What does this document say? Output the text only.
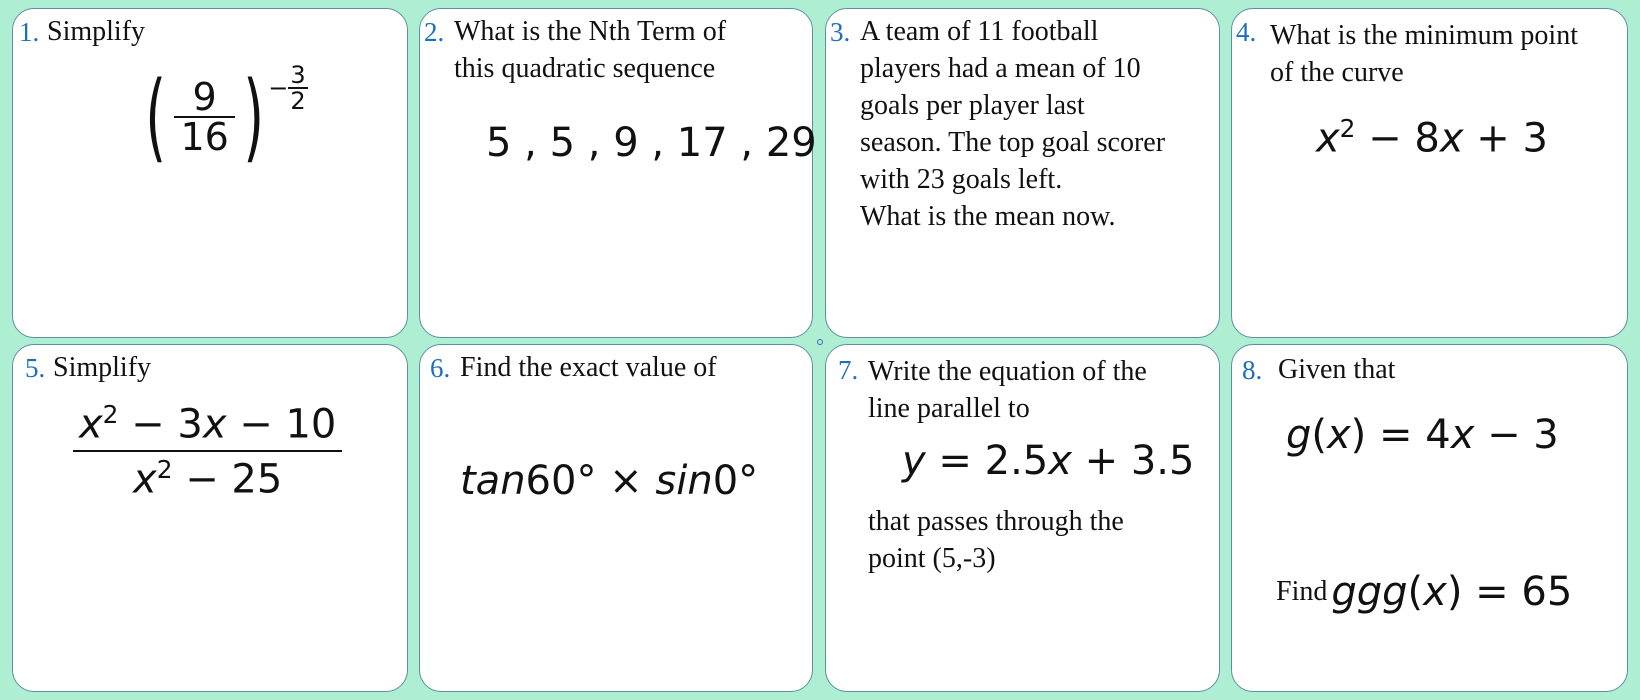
1. Simplify
( $\frac{9}{16}$ ) − $\frac{3}{2}$
2. What is the Nth Term of
this quadratic sequence
5 , 5 , 9 , 17 , 29
3. A team of 11 football
players had a mean of 10
goals per player last
season. The top goal scorer
with 23 goals left.
What is the mean now.
4. What is the minimum point
of the curve
$x^2 - 8x + 3$
5. Simplify
$\frac{x^2 - 3x - 10}{x^2 - 25}$
6. Find the exact value of
tan60° × sin0°
7. Write the equation of the
line parallel to
y = 2.5x + 3.5
that passes through the
point (5,-3)
8. Given that
g(x) = 4x − 3
Find ggg(x) = 65
